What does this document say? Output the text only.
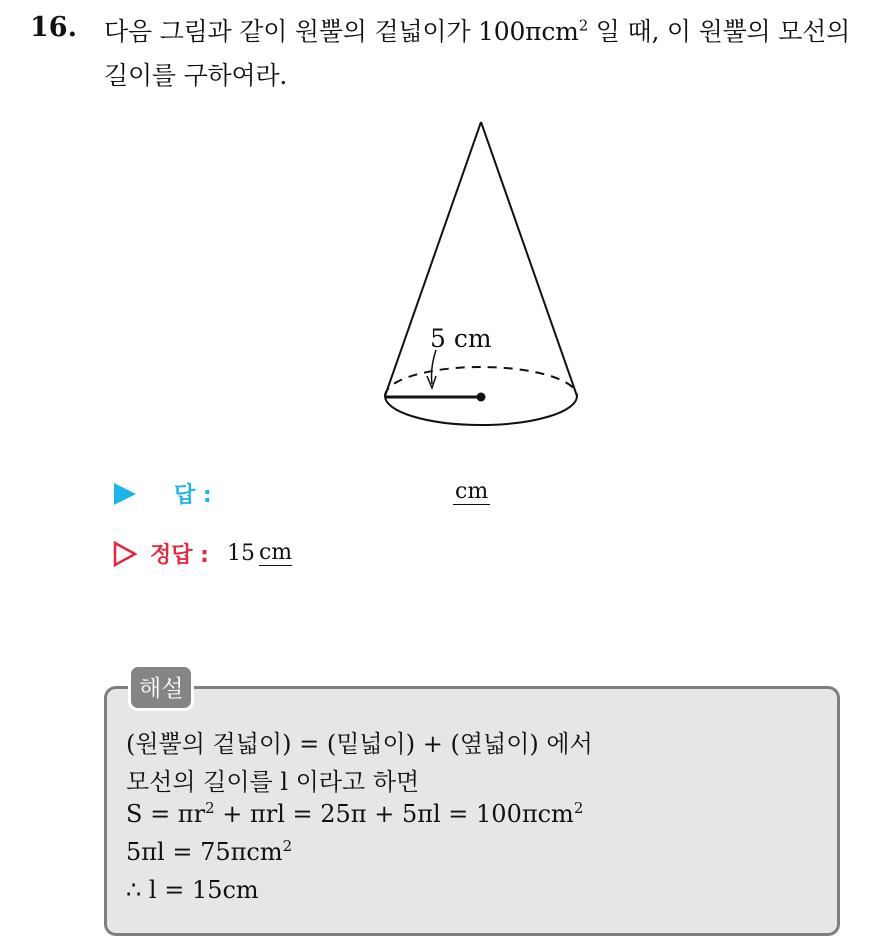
16. 다음 그림과 같이 원뿔의 겉넓이가 100πcm$^2$ 일 때, 이 원뿔의 모선의
길이를 구하여라.
5 cm
답 :	cm
정답 : 15 cm
해설
(원뿔의 겉넓이) = (밑넓이) + (옆넓이) 에서
모선의 길이를 l 이라고 하면
$S = \pi r^2 + \pi rl = 25\pi + 5\pi l = 100\pi cm^2$
5πl = 75πcm$^2$
∴ l = 15cm
